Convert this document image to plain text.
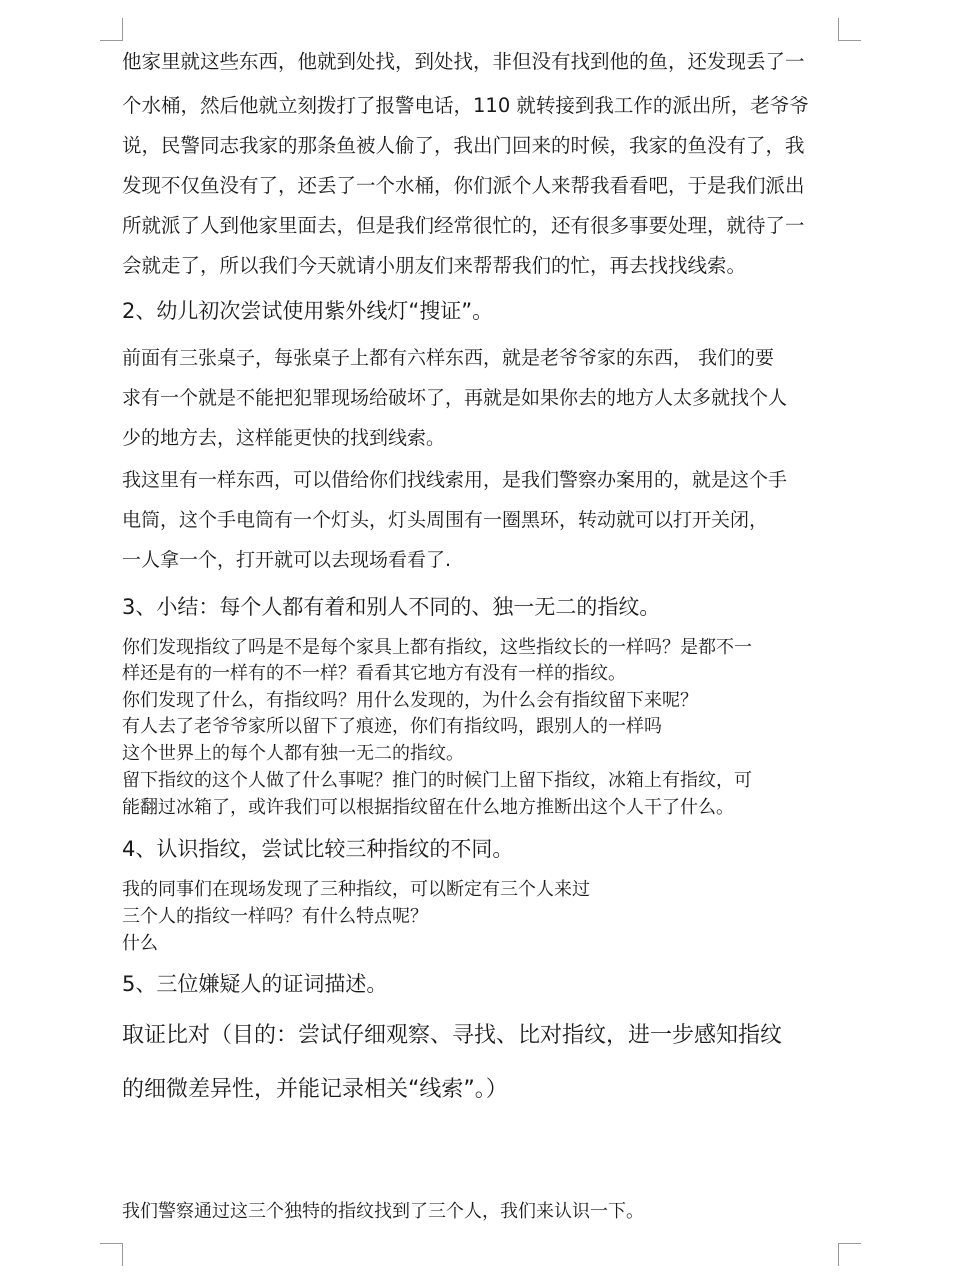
他家里就这些东西，他就到处找，到处找，非但没有找到他的鱼，还发现丢了一
个水桶，然后他就立刻拨打了报警电话，110 就转接到我工作的派出所，老爷爷
说，民警同志我家的那条鱼被人偷了，我出门回来的时候，我家的鱼没有了，我
发现不仅鱼没有了，还丢了一个水桶，你们派个人来帮我看看吧，于是我们派出
所就派了人到他家里面去，但是我们经常很忙的，还有很多事要处理，就待了一
会就走了，所以我们今天就请小朋友们来帮帮我们的忙，再去找找线索。
2、幼儿初次尝试使用紫外线灯“搜证”。
前面有三张桌子，每张桌子上都有六样东西，就是老爷爷家的东西， 我们的要
求有一个就是不能把犯罪现场给破坏了，再就是如果你去的地方人太多就找个人
少的地方去，这样能更快的找到线索。
我这里有一样东西，可以借给你们找线索用，是我们警察办案用的，就是这个手
电筒，这个手电筒有一个灯头，灯头周围有一圈黑环，转动就可以打开关闭，
一人拿一个，打开就可以去现场看看了.
3、小结：每个人都有着和别人不同的、独一无二的指纹。
你们发现指纹了吗是不是每个家具上都有指纹，这些指纹长的一样吗？是都不一
样还是有的一样有的不一样？看看其它地方有没有一样的指纹。
你们发现了什么，有指纹吗？用什么发现的，为什么会有指纹留下来呢？
有人去了老爷爷家所以留下了痕迹，你们有指纹吗，跟别人的一样吗
这个世界上的每个人都有独一无二的指纹。
留下指纹的这个人做了什么事呢？推门的时候门上留下指纹，冰箱上有指纹，可
能翻过冰箱了，或许我们可以根据指纹留在什么地方推断出这个人干了什么。
4、认识指纹，尝试比较三种指纹的不同。
我的同事们在现场发现了三种指纹，可以断定有三个人来过
三个人的指纹一样吗？有什么特点呢？
什么
5、三位嫌疑人的证词描述。
取证比对（目的：尝试仔细观察、寻找、比对指纹，进一步感知指纹
的细微差异性，并能记录相关“线索”。）
我们警察通过这三个独特的指纹找到了三个人，我们来认识一下。
